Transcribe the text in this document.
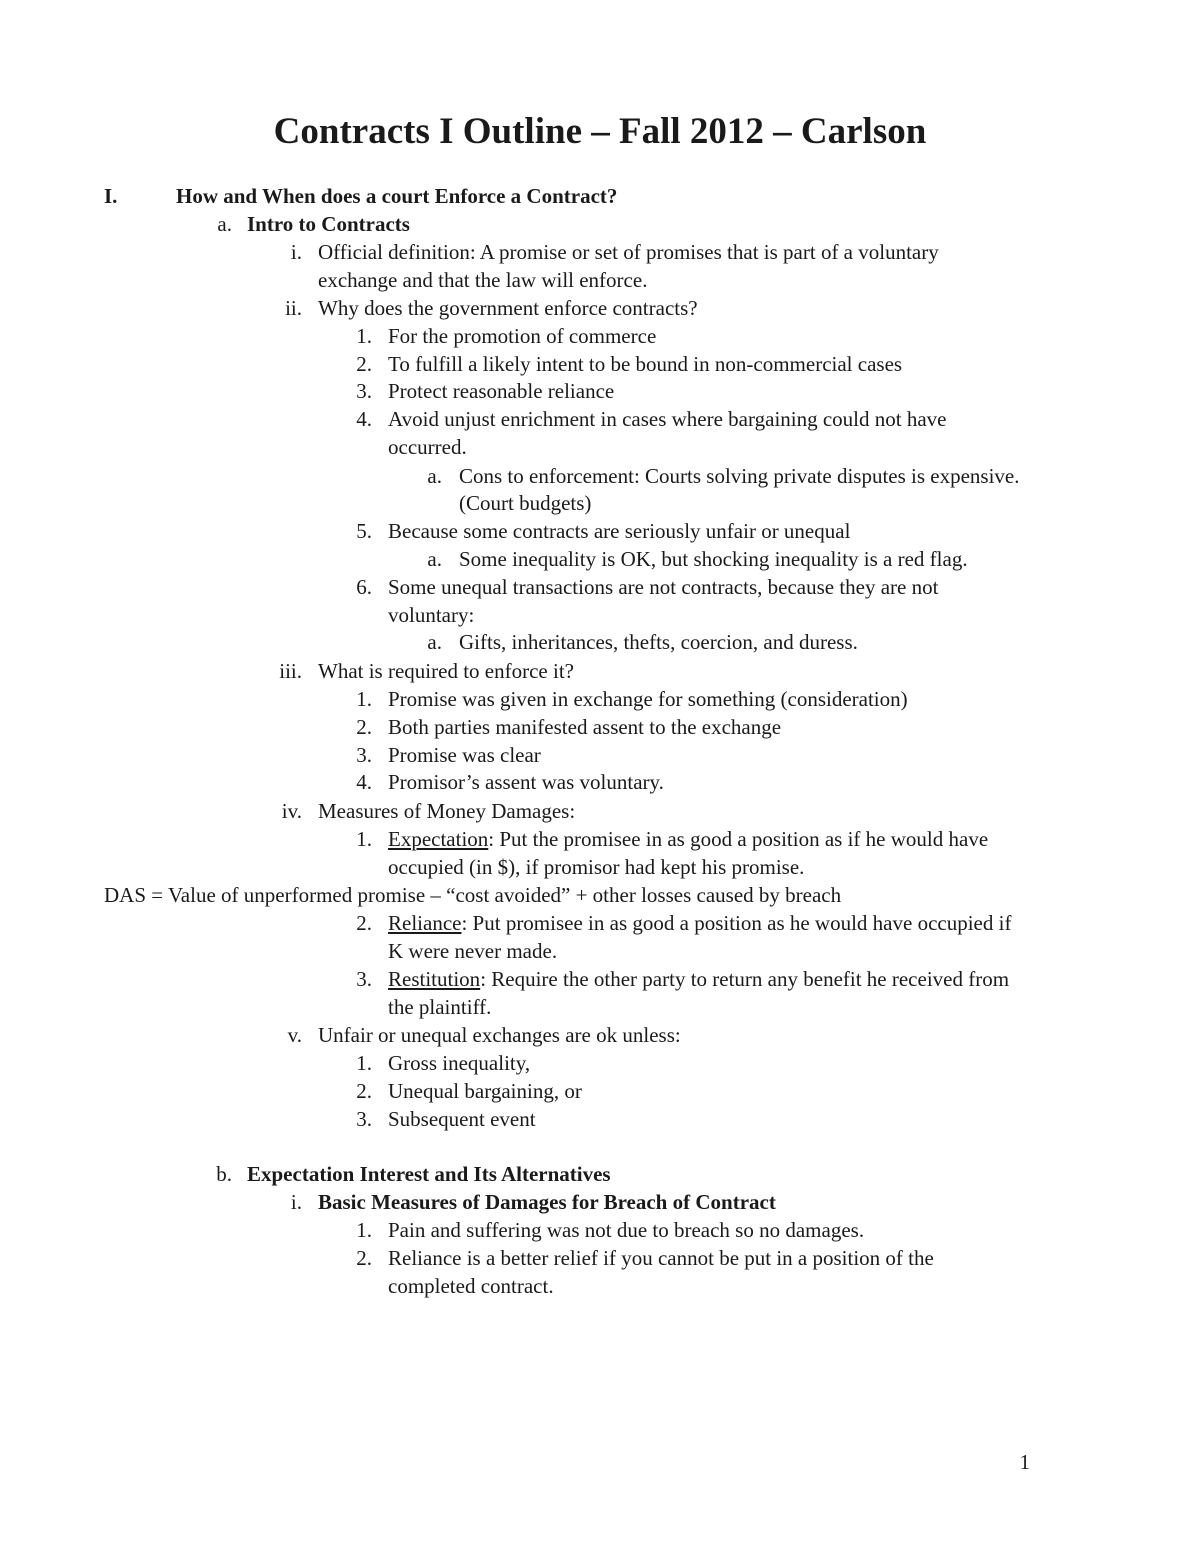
Contracts I Outline – Fall 2012 – Carlson
I.	How and When does a court Enforce a Contract?
a. Intro to Contracts
i. Official definition: A promise or set of promises that is part of a voluntary
exchange and that the law will enforce.
ii. Why does the government enforce contracts?
1. For the promotion of commerce
2. To fulfill a likely intent to be bound in non-commercial cases
3. Protect reasonable reliance
4. Avoid unjust enrichment in cases where bargaining could not have
occurred.
a. Cons to enforcement: Courts solving private disputes is expensive.
(Court budgets)
5. Because some contracts are seriously unfair or unequal
a. Some inequality is OK, but shocking inequality is a red flag.
6. Some unequal transactions are not contracts, because they are not
voluntary:
a. Gifts, inheritances, thefts, coercion, and duress.
iii. What is required to enforce it?
1. Promise was given in exchange for something (consideration)
2. Both parties manifested assent to the exchange
3. Promise was clear
4. Promisor’s assent was voluntary.
iv. Measures of Money Damages:
1. Expectation: Put the promisee in as good a position as if he would have
occupied (in $), if promisor had kept his promise.
DAS = Value of unperformed promise – “cost avoided” + other losses caused by breach
2. Reliance: Put promisee in as good a position as he would have occupied if
K were never made.
3. Restitution: Require the other party to return any benefit he received from
the plaintiff.
v. Unfair or unequal exchanges are ok unless:
1. Gross inequality,
2. Unequal bargaining, or
3. Subsequent event
b. Expectation Interest and Its Alternatives
i. Basic Measures of Damages for Breach of Contract
1. Pain and suffering was not due to breach so no damages.
2. Reliance is a better relief if you cannot be put in a position of the
completed contract.
1
